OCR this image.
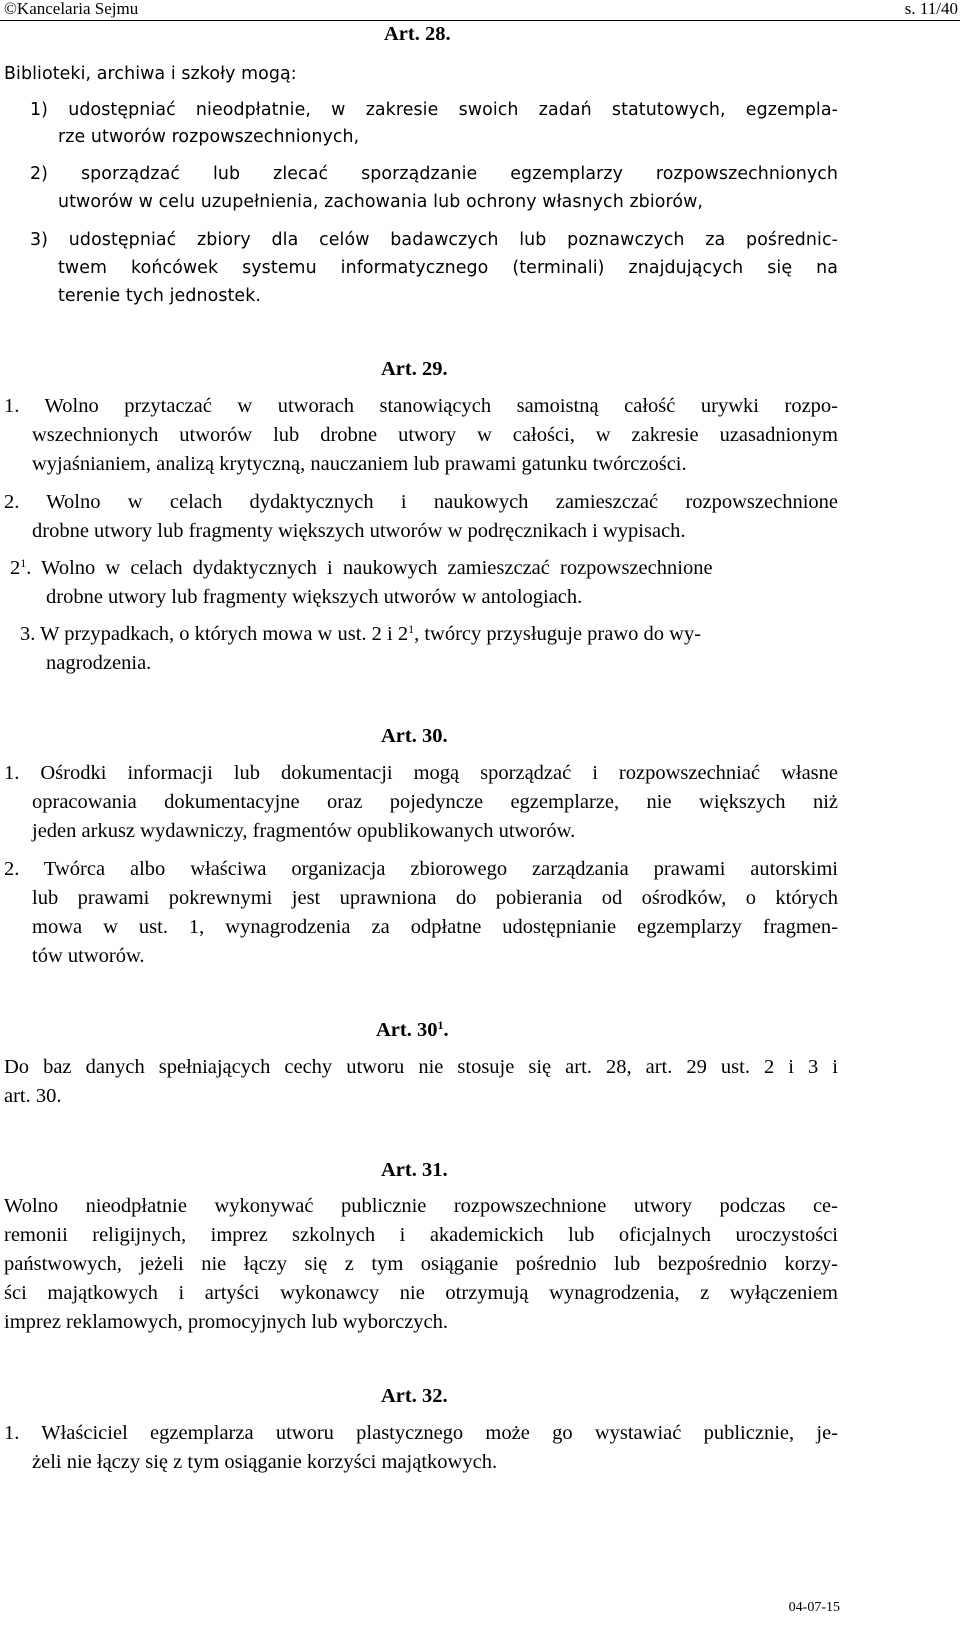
©Kancelaria Sejmu	s. 11/40
Art. 28.
Biblioteki, archiwa i szkoły mogą:
1) udostępniać nieodpłatnie, w zakresie swoich zadań statutowych, egzempla-
rze utworów rozpowszechnionych,
2) sporządzać lub zlecać sporządzanie egzemplarzy rozpowszechnionych
utworów w celu uzupełnienia, zachowania lub ochrony własnych zbiorów,
3) udostępniać zbiory dla celów badawczych lub poznawczych za pośrednic-
twem końcówek systemu informatycznego (terminali) znajdujących się na
terenie tych jednostek.
Art. 29.
1. Wolno przytaczać w utworach stanowiących samoistną całość urywki rozpo-
wszechnionych utworów lub drobne utwory w całości, w zakresie uzasadnionym
wyjaśnianiem, analizą krytyczną, nauczaniem lub prawami gatunku twórczości.
2. Wolno w celach dydaktycznych i naukowych zamieszczać rozpowszechnione
drobne utwory lub fragmenty większych utworów w podręcznikach i wypisach.
$2^1$. Wolno w celach dydaktycznych i naukowych zamieszczać rozpowszechnione
drobne utwory lub fragmenty większych utworów w antologiach.
3. W przypadkach, o których mowa w ust. 2 i $2^1$, twórcy przysługuje prawo do wy-
nagrodzenia.
Art. 30.
1. Ośrodki informacji lub dokumentacji mogą sporządzać i rozpowszechniać własne
opracowania dokumentacyjne oraz pojedyncze egzemplarze, nie większych niż
jeden arkusz wydawniczy, fragmentów opublikowanych utworów.
2. Twórca albo właściwa organizacja zbiorowego zarządzania prawami autorskimi
lub prawami pokrewnymi jest uprawniona do pobierania od ośrodków, o których
mowa w ust. 1, wynagrodzenia za odpłatne udostępnianie egzemplarzy fragmen-
tów utworów.
Art. $30^1$.
Do baz danych spełniających cechy utworu nie stosuje się art. 28, art. 29 ust. 2 i 3 i
art. 30.
Art. 31.
Wolno nieodpłatnie wykonywać publicznie rozpowszechnione utwory podczas ce-
remonii religijnych, imprez szkolnych i akademickich lub oficjalnych uroczystości
państwowych, jeżeli nie łączy się z tym osiąganie pośrednio lub bezpośrednio korzy-
ści majątkowych i artyści wykonawcy nie otrzymują wynagrodzenia, z wyłączeniem
imprez reklamowych, promocyjnych lub wyborczych.
Art. 32.
1. Właściciel egzemplarza utworu plastycznego może go wystawiać publicznie, je-
żeli nie łączy się z tym osiąganie korzyści majątkowych.
04-07-15
